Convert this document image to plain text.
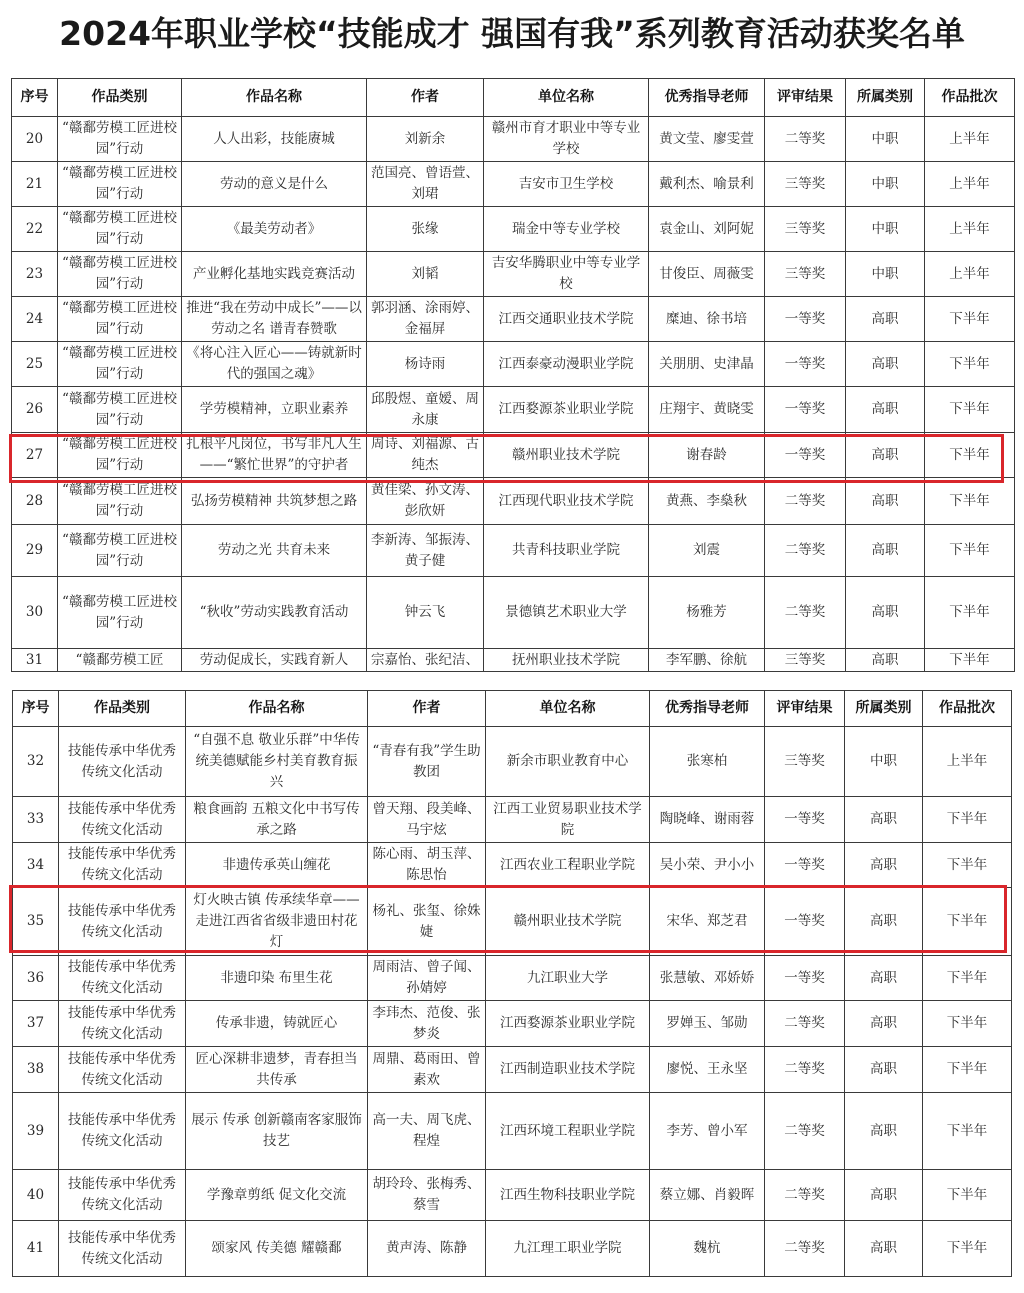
2024年职业学校“技能成才 强国有我”系列教育活动获奖名单
序号	作品类别	作品名称	作者	单位名称	优秀指导老师	评审结果	所属类别	作品批次
20	“赣鄱劳模工匠进校园”行动	人人出彩，技能赓城	刘新余	赣州市育才职业中等专业学校	黄文莹、廖雯萱	二等奖	中职	上半年
21	“赣鄱劳模工匠进校园”行动	劳动的意义是什么	范国亮、曾语萱、刘珺	吉安市卫生学校	戴利杰、喻景利	三等奖	中职	上半年
22	“赣鄱劳模工匠进校园”行动	《最美劳动者》	张缘	瑞金中等专业学校	袁金山、刘阿妮	三等奖	中职	上半年
23	“赣鄱劳模工匠进校园”行动	产业孵化基地实践竞赛活动	刘韬	吉安华腾职业中等专业学校	甘俊臣、周薇雯	三等奖	中职	上半年
24	“赣鄱劳模工匠进校园”行动	推进“我在劳动中成长”——以劳动之名 谱青春赞歌	郭羽涵、涂雨婷、金福屏	江西交通职业技术学院	糜迪、徐书培	一等奖	高职	下半年
25	“赣鄱劳模工匠进校园”行动	《将心注入匠心——铸就新时代的强国之魂》	杨诗雨	江西泰豪动漫职业学院	关朋朋、史津晶	一等奖	高职	下半年
26	“赣鄱劳模工匠进校园”行动	学劳模精神，立职业素养	邱殷煜、童嫒、周永康	江西婺源茶业职业学院	庄翔宇、黄晓雯	一等奖	高职	下半年
27	“赣鄱劳模工匠进校园”行动	扎根平凡岗位，书写非凡人生——“繁忙世界”的守护者	周诗、刘福源、古纯杰	赣州职业技术学院	谢春龄	一等奖	高职	下半年
28	“赣鄱劳模工匠进校园”行动	弘扬劳模精神 共筑梦想之路	黄佳梁、孙文涛、彭欣妍	江西现代职业技术学院	黄燕、李燊秋	二等奖	高职	下半年
29	“赣鄱劳模工匠进校园”行动	劳动之光 共育未来	李新涛、邹振涛、黄子健	共青科技职业学院	刘震	二等奖	高职	下半年
30	“赣鄱劳模工匠进校园”行动	“秋收”劳动实践教育活动	钟云飞	景德镇艺术职业大学	杨雅芳	二等奖	高职	下半年
31	“赣鄱劳模工匠	劳动促成长，实践育新人	宗嘉怡、张纪洁、	抚州职业技术学院	李军鹏、徐航	三等奖	高职	下半年
序号	作品类别	作品名称	作者	单位名称	优秀指导老师	评审结果	所属类别	作品批次
32	技能传承中华优秀传统文化活动	“自强不息 敬业乐群”中华传统美德赋能乡村美育教育振兴	“青春有我”学生助教团	新余市职业教育中心	张寒柏	三等奖	中职	上半年
33	技能传承中华优秀传统文化活动	粮食画韵 五粮文化中书写传承之路	曾天翔、段美峰、马宇炫	江西工业贸易职业技术学院	陶晓峰、谢雨蓉	一等奖	高职	下半年
34	技能传承中华优秀传统文化活动	非遗传承英山缠花	陈心雨、胡玉萍、陈思怡	江西农业工程职业学院	吴小荣、尹小小	一等奖	高职	下半年
35	技能传承中华优秀传统文化活动	灯火映古镇 传承续华章——走进江西省省级非遗田村花灯	杨礼、张玺、徐姝婕	赣州职业技术学院	宋华、郑芝君	一等奖	高职	下半年
36	技能传承中华优秀传统文化活动	非遗印染 布里生花	周雨洁、曾子闻、孙婧婷	九江职业大学	张慧敏、邓娇娇	一等奖	高职	下半年
37	技能传承中华优秀传统文化活动	传承非遗，铸就匠心	李玮杰、范俊、张梦炎	江西婺源茶业职业学院	罗婵玉、邹勋	二等奖	高职	下半年
38	技能传承中华优秀传统文化活动	匠心深耕非遗梦，青春担当共传承	周鼎、葛雨田、曾素欢	江西制造职业技术学院	廖悦、王永坚	二等奖	高职	下半年
39	技能传承中华优秀传统文化活动	展示 传承 创新赣南客家服饰技艺	高一夫、周飞虎、程煌	江西环境工程职业学院	李芳、曾小军	二等奖	高职	下半年
40	技能传承中华优秀传统文化活动	学豫章剪纸 促文化交流	胡玲玲、张梅秀、蔡雪	江西生物科技职业学院	蔡立娜、肖毅晖	二等奖	高职	下半年
41	技能传承中华优秀传统文化活动	颂家风 传美德 耀赣鄱	黄声涛、陈静	九江理工职业学院	魏杭	二等奖	高职	下半年
